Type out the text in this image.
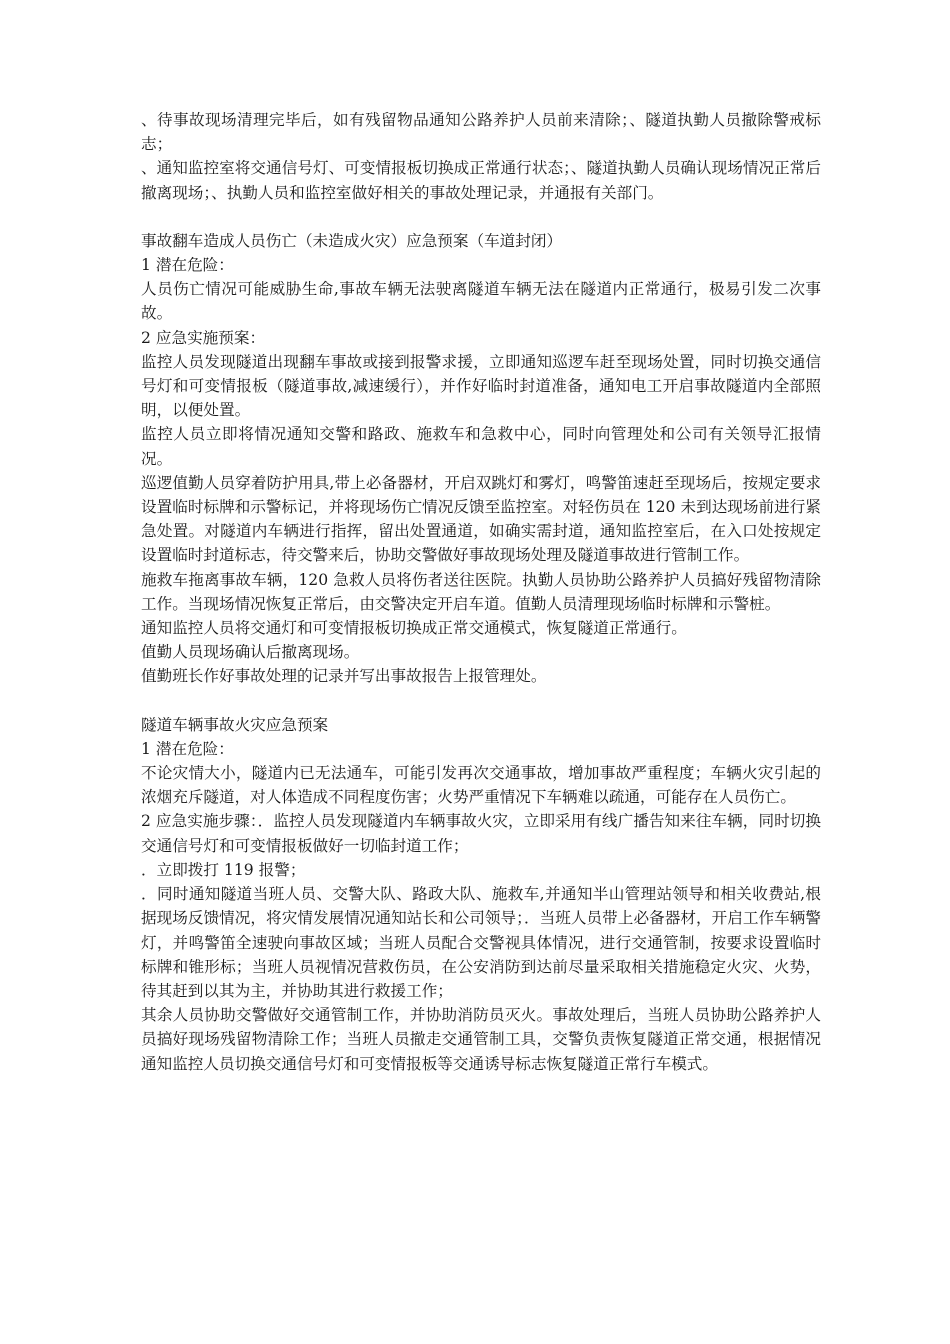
、待事故现场清理完毕后，如有残留物品通知公路养护人员前来清除；、隧道执勤人员撤除警戒标志；

、通知监控室将交通信号灯、可变情报板切换成正常通行状态；、隧道执勤人员确认现场情况正常后撤离现场；、执勤人员和监控室做好相关的事故处理记录，并通报有关部门。

事故翻车造成人员伤亡（未造成火灾）应急预案（车道封闭）

1 潜在危险：

人员伤亡情况可能威胁生命,事故车辆无法驶离隧道车辆无法在隧道内正常通行，极易引发二次事故。

2 应急实施预案：

监控人员发现隧道出现翻车事故或接到报警求援，立即通知巡逻车赶至现场处置，同时切换交通信号灯和可变情报板（隧道事故,减速缓行），并作好临时封道准备，通知电工开启事故隧道内全部照明，以便处置。

监控人员立即将情况通知交警和路政、施救车和急救中心，同时向管理处和公司有关领导汇报情况。

巡逻值勤人员穿着防护用具,带上必备器材，开启双跳灯和雾灯，鸣警笛速赶至现场后，按规定要求设置临时标牌和示警标记，并将现场伤亡情况反馈至监控室。对轻伤员在 120 未到达现场前进行紧急处置。对隧道内车辆进行指挥，留出处置通道，如确实需封道，通知监控室后，在入口处按规定设置临时封道标志，待交警来后，协助交警做好事故现场处理及隧道事故进行管制工作。

施救车拖离事故车辆，120 急救人员将伤者送往医院。执勤人员协助公路养护人员搞好残留物清除工作。当现场情况恢复正常后，由交警决定开启车道。值勤人员清理现场临时标牌和示警桩。

通知监控人员将交通灯和可变情报板切换成正常交通模式，恢复隧道正常通行。

值勤人员现场确认后撤离现场。

值勤班长作好事故处理的记录并写出事故报告上报管理处。

隧道车辆事故火灾应急预案

1 潜在危险：

不论灾情大小，隧道内已无法通车，可能引发再次交通事故，增加事故严重程度；车辆火灾引起的浓烟充斥隧道，对人体造成不同程度伤害；火势严重情况下车辆难以疏通，可能存在人员伤亡。

2 应急实施步骤：．监控人员发现隧道内车辆事故火灾，立即采用有线广播告知来往车辆，同时切换交通信号灯和可变情报板做好一切临封道工作；

．立即拨打 119 报警；

．同时通知隧道当班人员、交警大队、路政大队、施救车,并通知半山管理站领导和相关收费站,根据现场反馈情况，将灾情发展情况通知站长和公司领导；．当班人员带上必备器材，开启工作车辆警灯，并鸣警笛全速驶向事故区域；当班人员配合交警视具体情况，进行交通管制，按要求设置临时标牌和锥形标；当班人员视情况营救伤员，在公安消防到达前尽量采取相关措施稳定火灾、火势，待其赶到以其为主，并协助其进行救援工作；

其余人员协助交警做好交通管制工作，并协助消防员灭火。事故处理后，当班人员协助公路养护人员搞好现场残留物清除工作；当班人员撤走交通管制工具，交警负责恢复隧道正常交通，根据情况通知监控人员切换交通信号灯和可变情报板等交通诱导标志恢复隧道正常行车模式。
